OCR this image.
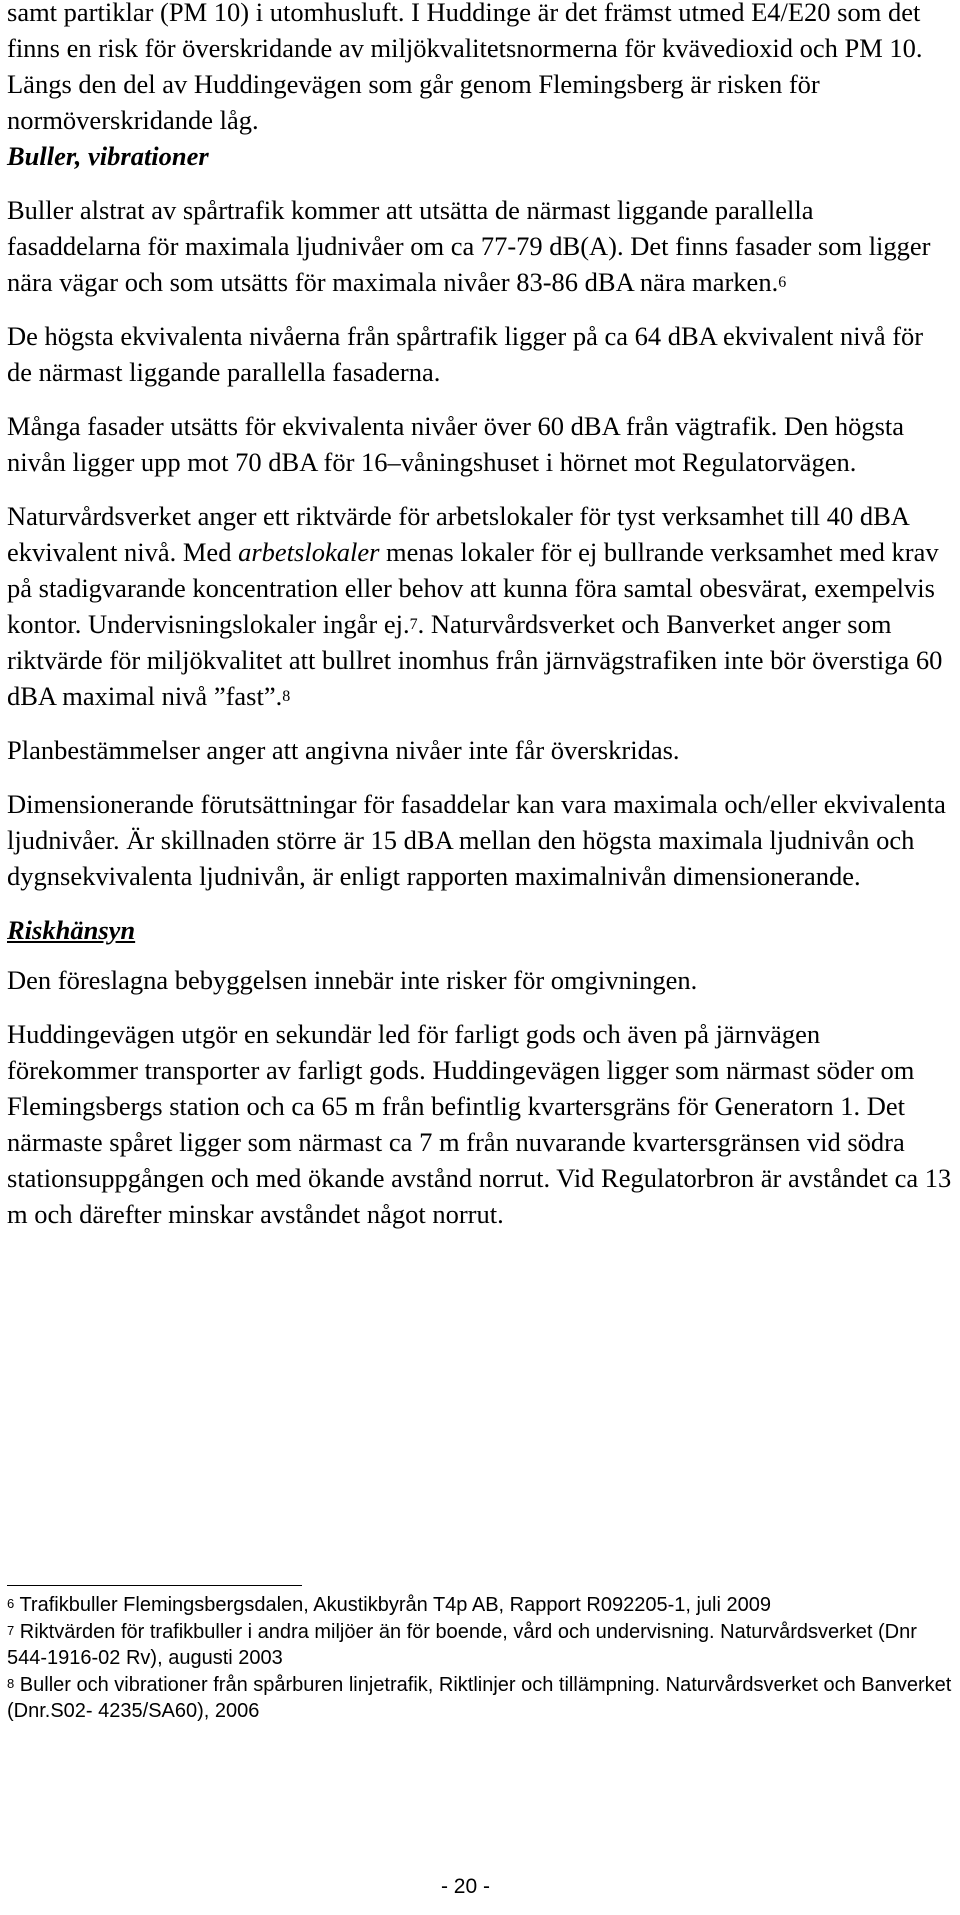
samt partiklar (PM 10) i utomhusluft. I Huddinge är det främst utmed E4/E20 som det finns en risk för överskridande av miljökvalitetsnormerna för kvävedioxid och PM 10. Längs den del av Huddingevägen som går genom Flemingsberg är risken för normöverskridande låg.

Buller, vibrationer

Buller alstrat av spårtrafik kommer att utsätta de närmast liggande parallella fasaddelarna för maximala ljudnivåer om ca 77-79 dB(A). Det finns fasader som ligger nära vägar och som utsätts för maximala nivåer 83-86 dBA nära marken.$^6$

De högsta ekvivalenta nivåerna från spårtrafik ligger på ca 64 dBA ekvivalent nivå för de närmast liggande parallella fasaderna.

Många fasader utsätts för ekvivalenta nivåer över 60 dBA från vägtrafik. Den högsta nivån ligger upp mot 70 dBA för 16–våningshuset i hörnet mot Regulatorvägen.

Naturvårdsverket anger ett riktvärde för arbetslokaler för tyst verksamhet till 40 dBA ekvivalent nivå. Med arbetslokaler menas lokaler för ej bullrande verksamhet med krav på stadigvarande koncentration eller behov att kunna föra samtal obesvärat, exempelvis kontor. Undervisningslokaler ingår ej.$^7$. Naturvårdsverket och Banverket anger som riktvärde för miljökvalitet att bullret inomhus från järnvägstrafiken inte bör överstiga 60 dBA maximal nivå ”fast”.$^8$

Planbestämmelser anger att angivna nivåer inte får överskridas.

Dimensionerande förutsättningar för fasaddelar kan vara maximala och/eller ekvivalenta ljudnivåer. Är skillnaden större är 15 dBA mellan den högsta maximala ljudnivån och dygnsekvivalenta ljudnivån, är enligt rapporten maximalnivån dimensionerande.

Riskhänsyn

Den föreslagna bebyggelsen innebär inte risker för omgivningen.

Huddingevägen utgör en sekundär led för farligt gods och även på järnvägen förekommer transporter av farligt gods. Huddingevägen ligger som närmast söder om Flemingsbergs station och ca 65 m från befintlig kvartersgräns för Generatorn 1. Det närmaste spåret ligger som närmast ca 7 m från nuvarande kvartersgränsen vid södra stationsuppgången och med ökande avstånd norrut. Vid Regulatorbron är avståndet ca 13 m och därefter minskar avståndet något norrut.

$^6$ Trafikbuller Flemingsbergsdalen, Akustikbyrån T4p AB, Rapport R092205-1, juli 2009

$^7$ Riktvärden för trafikbuller i andra miljöer än för boende, vård och undervisning. Naturvårdsverket (Dnr 544-1916-02 Rv), augusti 2003

$^8$ Buller och vibrationer från spårburen linjetrafik, Riktlinjer och tillämpning. Naturvårdsverket och Banverket (Dnr.S02- 4235/SA60), 2006

- 20 -
